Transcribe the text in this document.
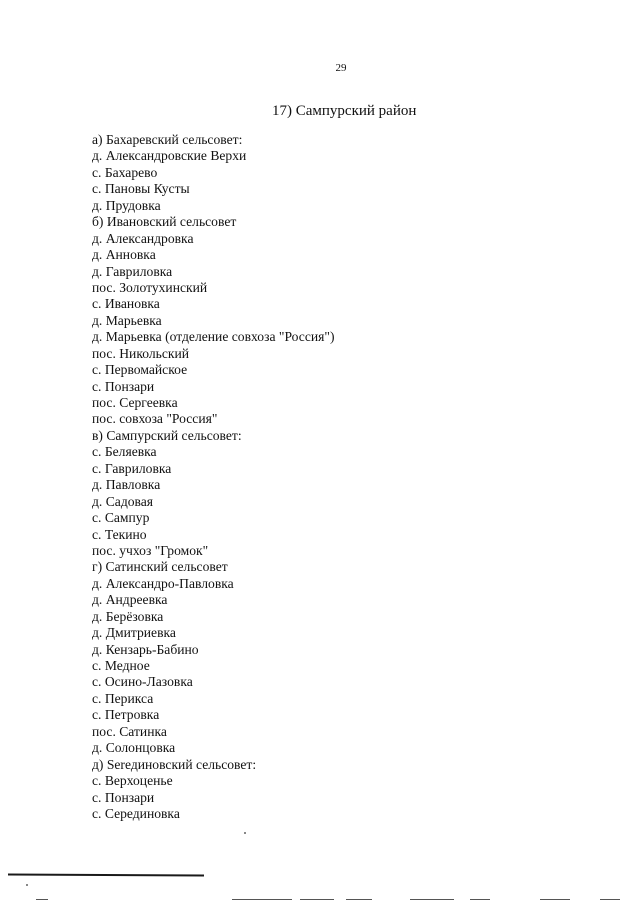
29
17) Сампурский район
а) Бахаревский сельсовет:
д. Александровские Верхи
с. Бахарево
с. Пановы Кусты
д. Прудовка
б) Ивановский сельсовет
д. Александровка
д. Анновка
д. Гавриловка
пос. Золотухинский
с. Ивановка
д. Марьевка
д. Марьевка (отделение совхоза "Россия")
пос. Никольский
с. Первомайское
с. Понзари
пос. Сергеевка
пос. совхоза "Россия"
в) Сампурский сельсовет:
с. Беляевка
с. Гавриловка
д. Павловка
д. Садовая
с. Сампур
с. Текино
пос. учхоз "Громок"
г) Сатинский сельсовет
д. Александро-Павловка
д. Андреевка
д. Берёзовка
д. Дмитриевка
д. Кензарь-Бабино
с. Медное
с. Осино-Лазовка
с. Перикса
с. Петровка
пос. Сатинка
д. Солонцовка
д) Serединовский сельсовет:
с. Верхоценье
с. Понзари
с. Серединовка
